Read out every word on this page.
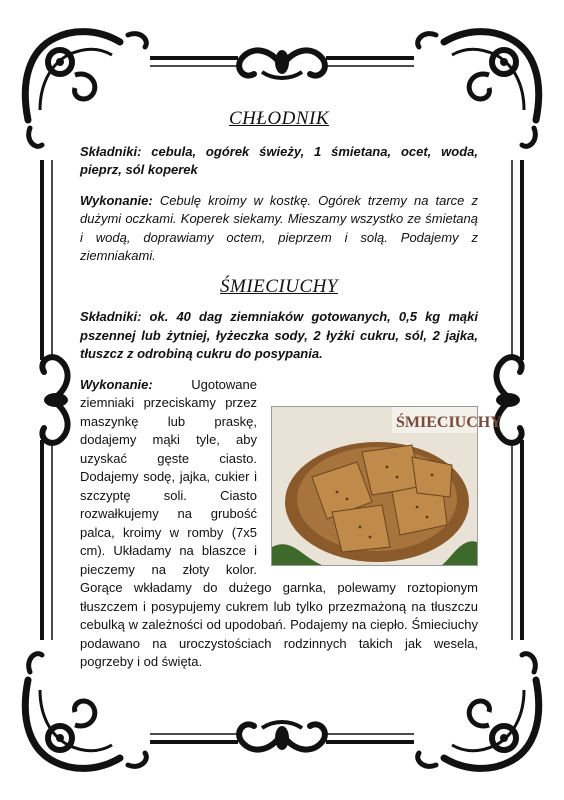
CHŁODNIK

Składniki: cebula, ogórek świeży, 1 śmietana, ocet, woda, pieprz, sól koperek

Wykonanie: Cebulę kroimy w kostkę. Ogórek trzemy na tarce z dużymi oczkami. Koperek siekamy. Mieszamy wszystko ze śmietaną i wodą, doprawiamy octem, pieprzem i solą. Podajemy z ziemniakami.

ŚMIECIUCHY

Składniki: ok. 40 dag ziemniaków gotowanych, 0,5 kg mąki pszennej lub żytniej, łyżeczka sody, 2 łyżki cukru, sól, 2 jajka, tłuszcz z odrobiną cukru do posypania.

ŚMIECIUCHY
Wykonanie:	Ugotowane ziemniaki przeciskamy przez maszynkę lub praskę, dodajemy mąki tyle, aby uzyskać gęste ciasto. Dodajemy sodę, jajka, cukier i szczyptę soli. Ciasto rozwałkujemy na grubość palca, kroimy w romby (7x5 cm). Układamy na blaszce i pieczemy na złoty kolor. Gorące wkładamy do dużego garnka, polewamy roztopionym tłuszczem i posypujemy cukrem lub tylko przezmażoną na tłuszczu cebulką w zależności od upodobań. Podajemy na ciepło. Śmieciuchy podawano na uroczystościach rodzinnych takich jak wesela, pogrzeby i od święta.
